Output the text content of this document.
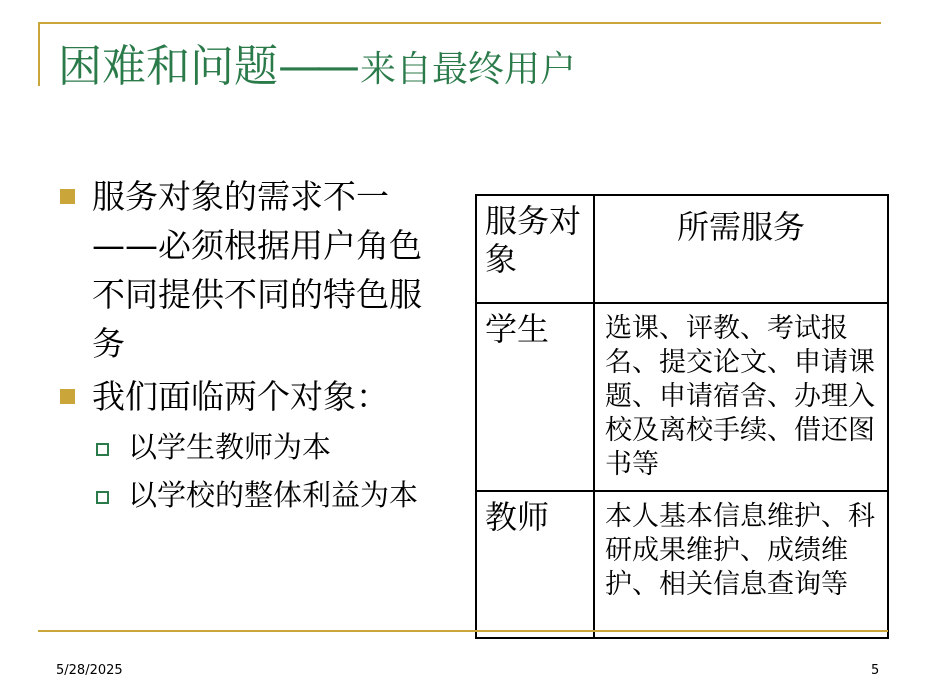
困难和问题—— 来自最终用户
服务对象的需求不一——必须根据用户角色不同提供不同的特色服务
我们面临两个对象：
以学生教师为本
以学校的整体利益为本
服务对象	所需服务
学生	选课、评教、考试报名、提交论文、申请课题、申请宿舍、办理入校及离校手续、借还图书等
教师	本人基本信息维护、科研成果维护、成绩维护、相关信息查询等
5/28/2025	5
